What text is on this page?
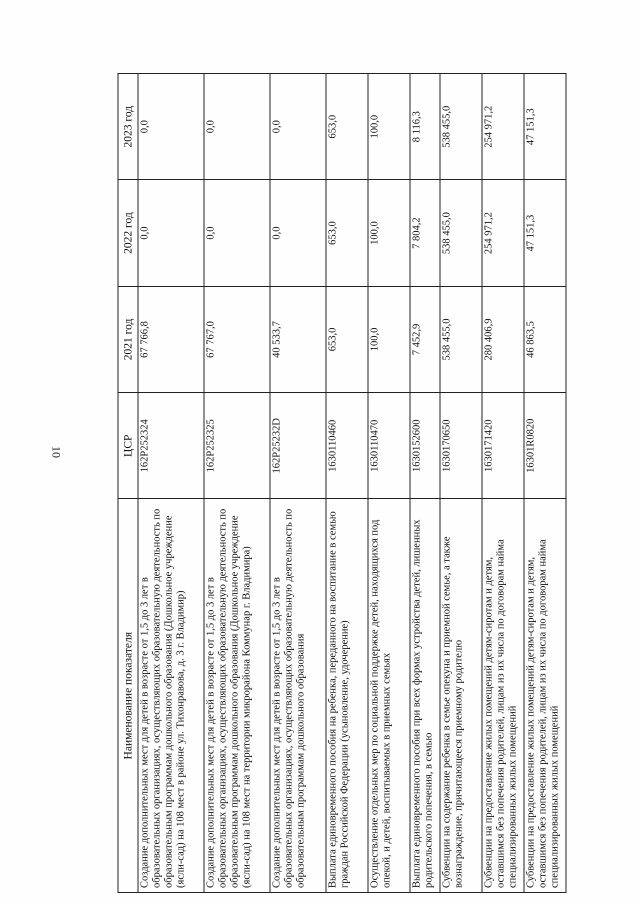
10
Наименование показателя	ЦСР	2021 год	2022 год	2023 год
Создание дополнительных мест для детей в возрасте от 1,5 до 3 лет в образовательных организациях, осуществляющих образовательную деятельность по образовательным программам дошкольного образования (Дошкольное учреждение (ясли-сад) на 108 мест в районе ул. Тихонравова, д. 3 г. Владимир)	162P252324	67 766,8	0,0	0,0
Создание дополнительных мест для детей в возрасте от 1,5 до 3 лет в образовательных организациях, осуществляющих образовательную деятельность по образовательным программам дошкольного образования (Дошкольное учреждение (ясли-сад) на 108 мест на территории микрорайона Коммунар г. Владимира)	162P252325	67 767,0	0,0	0,0
Создание дополнительных мест для детей в возрасте от 1,5 до 3 лет в образовательных организациях, осуществляющих образовательную деятельность по образовательным программам дошкольного образования	162P25232D	40 533,7	0,0	0,0
Выплата единовременного пособия на ребенка, переданного на воспитание в семью граждан Российской Федерации (усыновление, удочерение)	1630110460	653,0	653,0	653,0
Осуществление отдельных мер по социальной поддержке детей, находящихся под опекой, и детей, воспитываемых в приемных семьях	1630110470	100,0	100,0	100,0
Выплата единовременного пособия при всех формах устройства детей, лишенных родительского попечения, в семью	1630152600	7 452,9	7 804,2	8 116,3
Субвенции на содержание ребенка в семье опекуна и приемной семье, а также вознаграждение, причитающееся приемному родителю	1630170650	538 455,0	538 455,0	538 455,0
Субвенции на предоставление жилых помещений детям-сиротам и детям, оставшимся без попечения родителей, лицам из их числа по договорам найма специализированных жилых помещений	1630171420	280 406,9	254 971,2	254 971,2
Субвенции на предоставление жилых помещений детям-сиротам и детям, оставшимся без попечения родителей, лицам из их числа по договорам найма специализированных жилых помещений	16301R0820	46 863,5	47 151,3	47 151,3
